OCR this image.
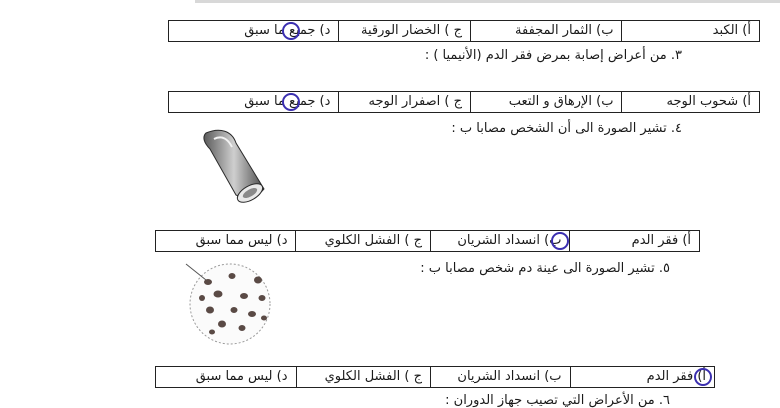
أ) الكبد
ب) الثمار المجففة
ج ) الخضار الورقية
د) جميع ما سبق
٣. من أعراض إصابة بمرض فقر الدم (الأنيميا ) :
أ) شحوب الوجه
ب) الإرهاق و التعب
ج ) اصفرار الوجه
د) جميع ما سبق
٤. تشير الصورة الى أن الشخص مصابا ب :
أ) فقر الدم
ب) انسداد الشريان
ج ) الفشل الكلوي
د) ليس مما سبق
٥. تشير الصورة الى عينة دم شخص مصابا ب :
أ) فقر الدم
ب) انسداد الشريان
ج ) الفشل الكلوي
د) ليس مما سبق
٦. من الأعراض التي تصيب جهاز الدوران :
